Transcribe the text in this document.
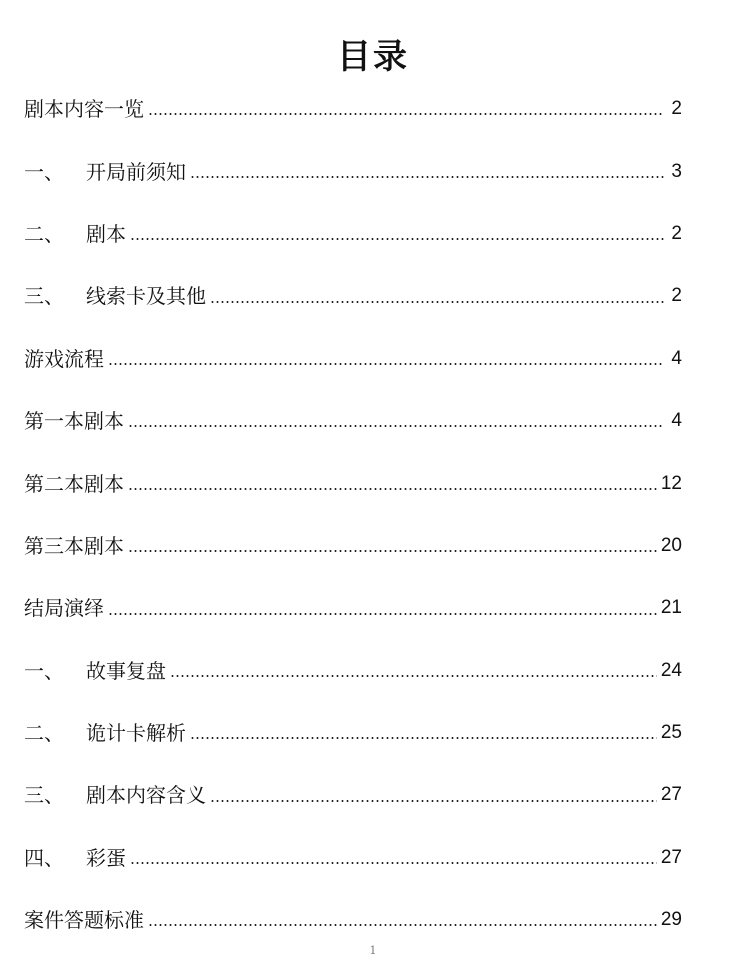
目录
剧本内容一览	2
一、	开局前须知	3
二、	剧本	2
三、	线索卡及其他	2
游戏流程	4
第一本剧本	4
第二本剧本	12
第三本剧本	20
结局演绎	21
一、	故事复盘	24
二、	诡计卡解析	25
三、	剧本内容含义	27
四、	彩蛋	27
案件答题标准	29
1
